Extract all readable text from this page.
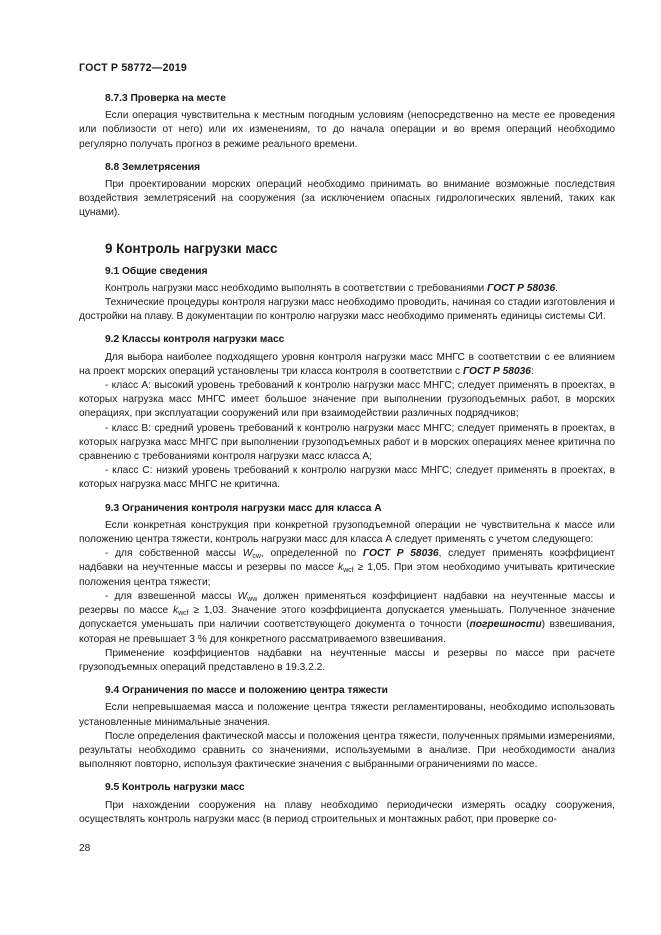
ГОСТ Р 58772—2019
8.7.3 Проверка на месте

Если операция чувствительна к местным погодным условиям (непосредственно на месте ее проведения или поблизости от него) или их изменениям, то до начала операции и во время операций необходимо регулярно получать прогноз в режиме реального времени.

8.8 Землетрясения

При проектировании морских операций необходимо принимать во внимание возможные последствия воздействия землетрясений на сооружения (за исключением опасных гидрологических явлений, таких как цунами).

9 Контроль нагрузки масс
9.1 Общие сведения

Контроль нагрузки масс необходимо выполнять в соответствии с требованиями ГОСТ Р 58036.

Технические процедуры контроля нагрузки масс необходимо проводить, начиная со стадии изготовления и достройки на плаву. В документации по контролю нагрузки масс необходимо применять единицы системы СИ.

9.2 Классы контроля нагрузки масс

Для выбора наиболее подходящего уровня контроля нагрузки масс МНГС в соответствии с ее влиянием на проект морских операций установлены три класса контроля в соответствии с ГОСТ Р 58036:

- класс А: высокий уровень требований к контролю нагрузки масс МНГС; следует применять в проектах, в которых нагрузка масс МНГС имеет большое значение при выполнении грузоподъемных работ, в морских операциях, при эксплуатации сооружений или при взаимодействии различных подрядчиков;

- класс В: средний уровень требований к контролю нагрузки масс МНГС; следует применять в проектах, в которых нагрузка масс МНГС при выполнении грузоподъемных работ и в морских операциях менее критична по сравнению с требованиями контроля нагрузки масс класса А;

- класс С: низкий уровень требований к контролю нагрузки масс МНГС; следует применять в проектах, в которых нагрузка масс МНГС не критична.

9.3 Ограничения контроля нагрузки масс для класса А

Если конкретная конструкция при конкретной грузоподъемной операции не чувствительна к массе или положению центра тяжести, контроль нагрузки масс для класса А следует применять с учетом следующего:

- для собственной массы $W_{cw}$, определенной по ГОСТ Р 58036, следует применять коэффициент надбавки на неучтенные массы и резервы по массе $k_{wcf} \ge 1,05$. При этом необходимо учитывать критические положения центра тяжести;

- для взвешенной массы $W_{ww}$ должен применяться коэффициент надбавки на неучтенные массы и резервы по массе $k_{wcf} \ge 1,03$. Значение этого коэффициента допускается уменьшать. Полученное значение допускается уменьшать при наличии соответствующего документа о точности (погрешности) взвешивания, которая не превышает 3 % для конкретного рассматриваемого взвешивания.

Применение коэффициентов надбавки на неучтенные массы и резервы по массе при расчете грузоподъемных операций представлено в 19.3.2.2.

9.4 Ограничения по массе и положению центра тяжести

Если непревышаемая масса и положение центра тяжести регламентированы, необходимо использовать установленные минимальные значения.

После определения фактической массы и положения центра тяжести, полученных прямыми измерениями, результаты необходимо сравнить со значениями, используемыми в анализе. При необходимости анализ выполняют повторно, используя фактические значения с выбранными ограничениями по массе.

9.5 Контроль нагрузки масс

При нахождении сооружения на плаву необходимо периодически измерять осадку сооружения, осуществлять контроль нагрузки масс (в период строительных и монтажных работ, при проверке со-

28
